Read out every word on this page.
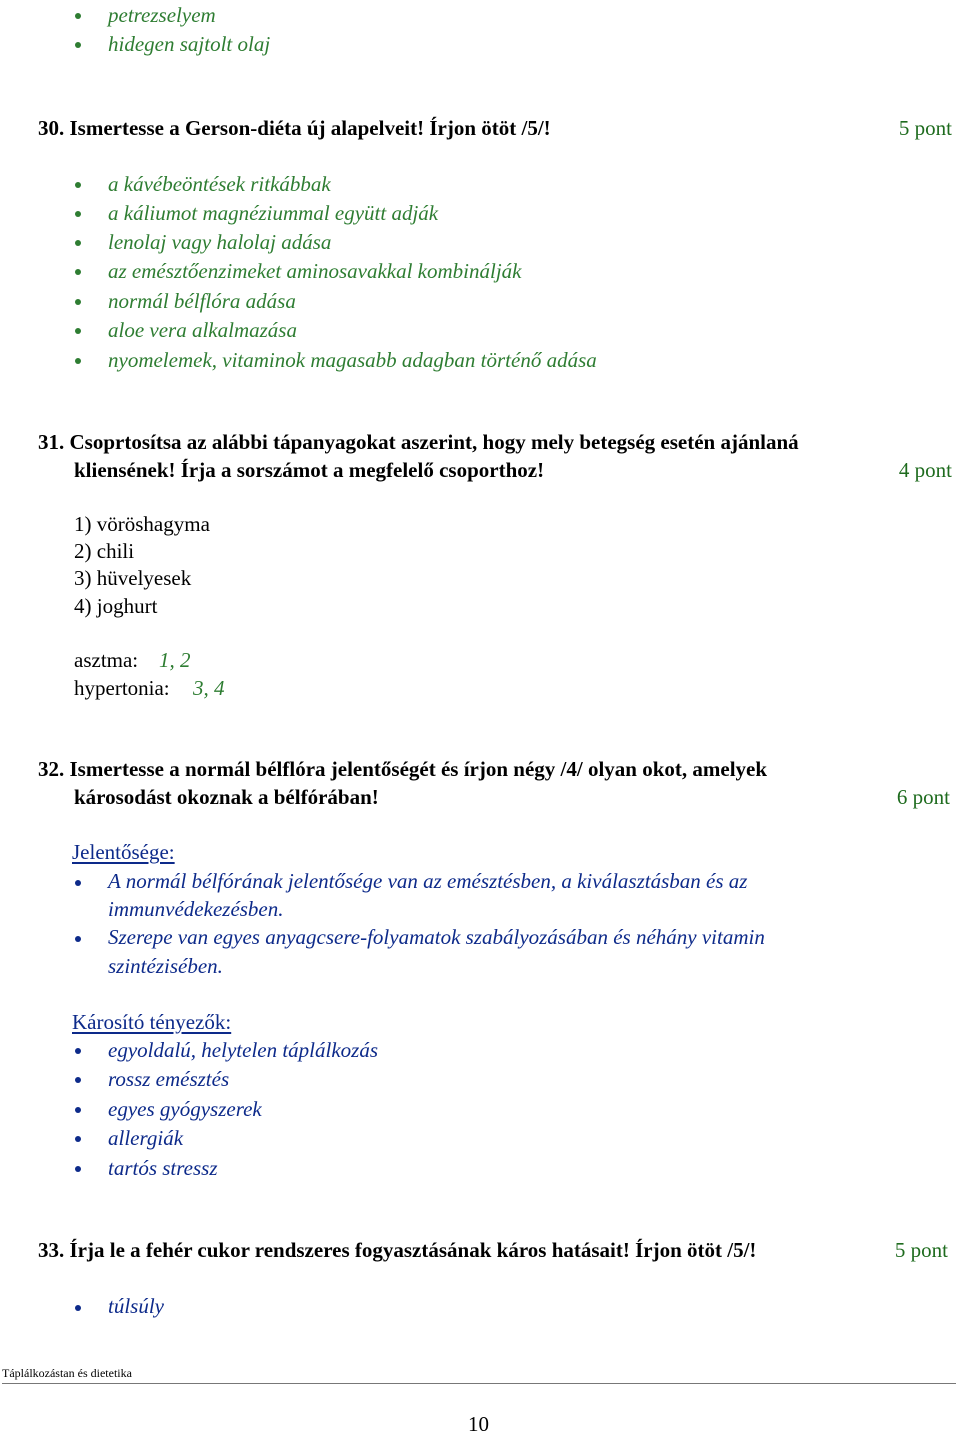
petrezselyem
hidegen sajtolt olaj
30. Ismertesse a Gerson-diéta új alapelveit! Írjon ötöt /5/!	5 pont
a kávébeöntések ritkábbak
a káliumot magnéziummal együtt adják
lenolaj vagy halolaj adása
az emésztőenzimeket aminosavakkal kombinálják
normál bélflóra adása
aloe vera alkalmazása
nyomelemek, vitaminok magasabb adagban történő adása
31. Csoprtosítsa az alábbi tápanyagokat aszerint, hogy mely betegség esetén ajánlaná
kliensének! Írja a sorszámot a megfelelő csoporthoz!	4 pont
1) vöröshagyma
2) chili
3) hüvelyesek
4) joghurt
asztma: 1, 2
hypertonia: 3, 4
32. Ismertesse a normál bélflóra jelentőségét és írjon négy /4/ olyan okot, amelyek
károsodást okoznak a bélfórában!	6 pont
Jelentősége:
A normál bélfórának jelentősége van az emésztésben, a kiválasztásban és az
immunvédekezésben.
Szerepe van egyes anyagcsere-folyamatok szabályozásában és néhány vitamin
szintézisében.
Károsító tényezők:
egyoldalú, helytelen táplálkozás
rossz emésztés
egyes gyógyszerek
allergiák
tartós stressz
33. Írja le a fehér cukor rendszeres fogyasztásának káros hatásait! Írjon ötöt /5/!	5 pont
túlsúly
Táplálkozástan és dietetika
10
